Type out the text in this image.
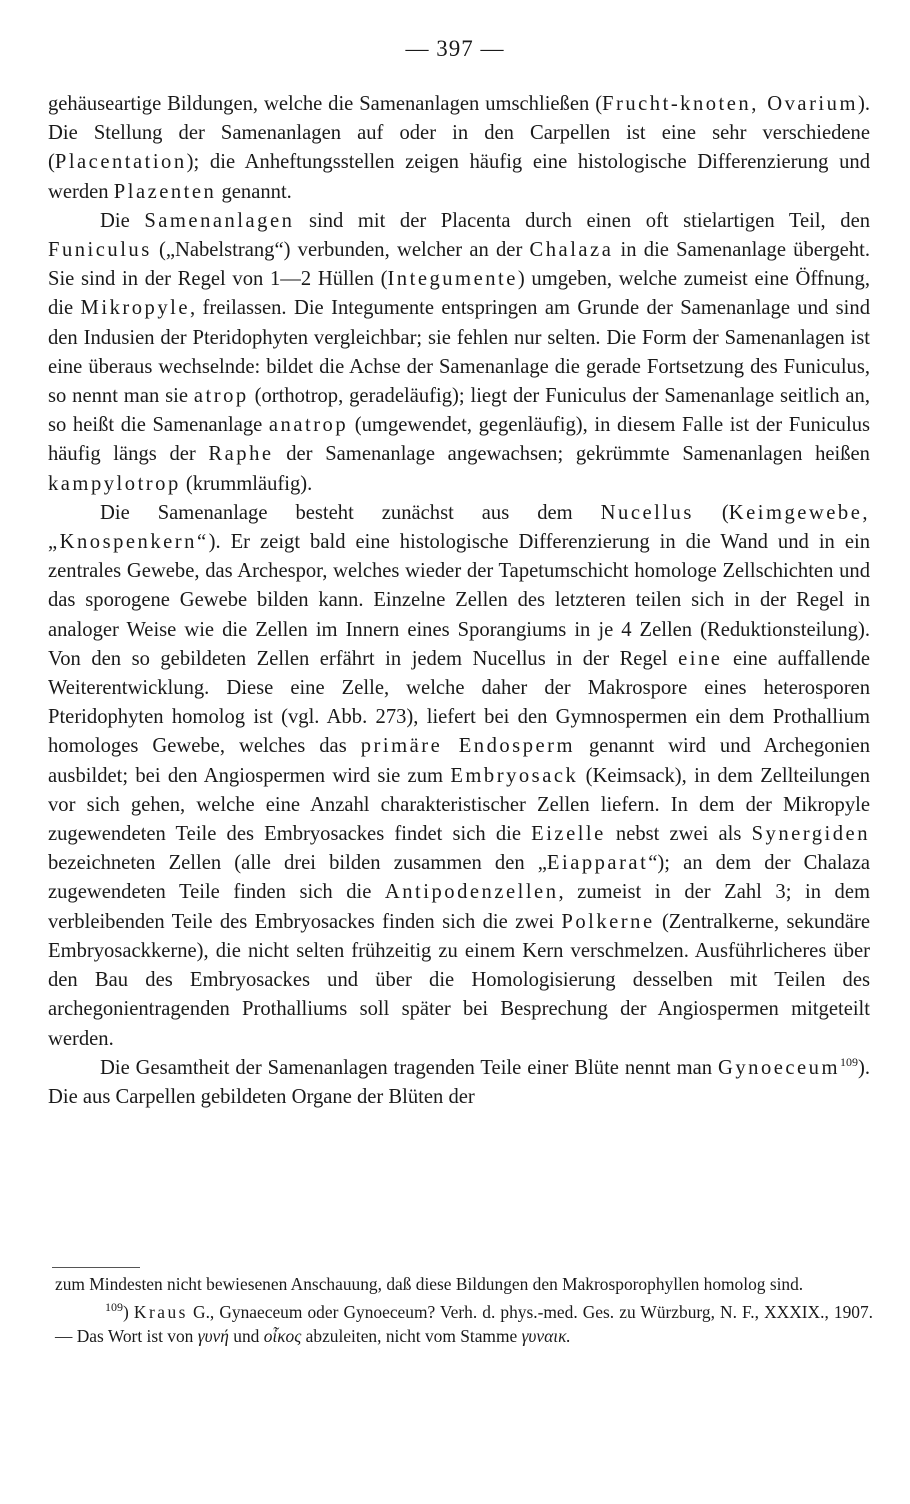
— 397 —

gehäuseartige Bildungen, welche die Samenanlagen umschließen (Frucht-knoten, Ovarium). Die Stellung der Samenanlagen auf oder in den Carpellen ist eine sehr verschiedene (Placentation); die Anheftungsstellen zeigen häufig eine histologische Differenzierung und werden Plazenten genannt.

Die Samenanlagen sind mit der Placenta durch einen oft stielartigen Teil, den Funiculus („Nabelstrang“) verbunden, welcher an der Chalaza in die Samenanlage übergeht. Sie sind in der Regel von 1—2 Hüllen (Integumente) umgeben, welche zumeist eine Öffnung, die Mikropyle, freilassen. Die Integumente entspringen am Grunde der Samenanlage und sind den Indusien der Pteridophyten vergleichbar; sie fehlen nur selten. Die Form der Samenanlagen ist eine überaus wechselnde: bildet die Achse der Samenanlage die gerade Fortsetzung des Funiculus, so nennt man sie atrop (orthotrop, geradeläufig); liegt der Funiculus der Samenanlage seitlich an, so heißt die Samenanlage anatrop (umgewendet, gegenläufig), in diesem Falle ist der Funiculus häufig längs der Raphe der Samenanlage angewachsen; gekrümmte Samenanlagen heißen kampylotrop (krummläufig).

Die Samenanlage besteht zunächst aus dem Nucellus (Keimgewebe, „Knospenkern“). Er zeigt bald eine histologische Differenzierung in die Wand und in ein zentrales Gewebe, das Archespor, welches wieder der Tapetumschicht homologe Zellschichten und das sporogene Gewebe bilden kann. Einzelne Zellen des letzteren teilen sich in der Regel in analoger Weise wie die Zellen im Innern eines Sporangiums in je 4 Zellen (Reduktionsteilung). Von den so gebildeten Zellen erfährt in jedem Nucellus in der Regel eine eine auffallende Weiterentwicklung. Diese eine Zelle, welche daher der Makrospore eines heterosporen Pteridophyten homolog ist (vgl. Abb. 273), liefert bei den Gymnospermen ein dem Prothallium homologes Gewebe, welches das primäre Endosperm genannt wird und Archegonien ausbildet; bei den Angiospermen wird sie zum Embryosack (Keimsack), in dem Zellteilungen vor sich gehen, welche eine Anzahl charakteristischer Zellen liefern. In dem der Mikropyle zugewendeten Teile des Embryosackes findet sich die Eizelle nebst zwei als Synergiden bezeichneten Zellen (alle drei bilden zusammen den „Eiapparat“); an dem der Chalaza zugewendeten Teile finden sich die Antipodenzellen, zumeist in der Zahl 3; in dem verbleibenden Teile des Embryosackes finden sich die zwei Polkerne (Zentralkerne, sekundäre Embryosackkerne), die nicht selten frühzeitig zu einem Kern verschmelzen. Ausführlicheres über den Bau des Embryosackes und über die Homologisierung desselben mit Teilen des archegonientragenden Prothalliums soll später bei Besprechung der Angiospermen mitgeteilt werden.

Die Gesamtheit der Samenanlagen tragenden Teile einer Blüte nennt man Gynoeceum$^{109}$). Die aus Carpellen gebildeten Organe der Blüten der

zum Mindesten nicht bewiesenen Anschauung, daß diese Bildungen den Makrosporophyllen homolog sind.

$^{109}$) Kraus G., Gynaeceum oder Gynoeceum? Verh. d. phys.-med. Ges. zu Würzburg, N. F., XXXIX., 1907. — Das Wort ist von γυνή und οἶκος abzuleiten, nicht vom Stamme γυναικ.
